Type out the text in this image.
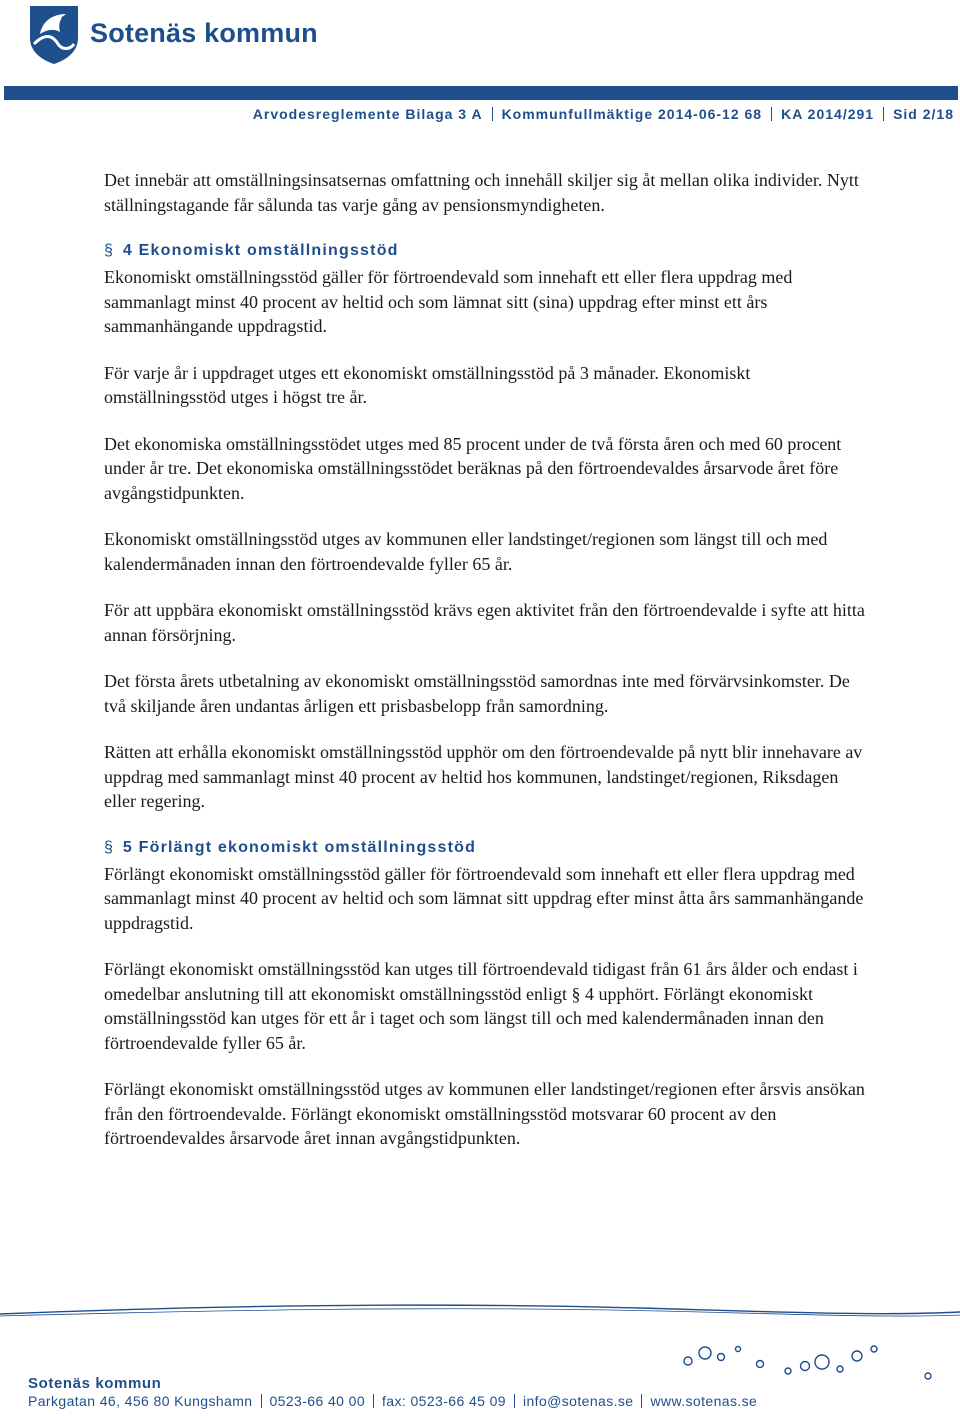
Sotenäs kommun
Arvodesreglemente Bilaga 3 A Kommunfullmäktige 2014-06-12 68 KA 2014/291 Sid 2/18

Det innebär att omställningsinsatsernas omfattning och innehåll skiljer sig åt mellan olika individer. Nytt ställningstagande får sålunda tas varje gång av pensionsmyndigheten.

§ 4 Ekonomiskt omställningsstöd

Ekonomiskt omställningsstöd gäller för förtroendevald som innehaft ett eller flera uppdrag med sammanlagt minst 40 procent av heltid och som lämnat sitt (sina) uppdrag efter minst ett års sammanhängande uppdragstid.

För varje år i uppdraget utges ett ekonomiskt omställningsstöd på 3 månader. Ekonomiskt omställningsstöd utges i högst tre år.

Det ekonomiska omställningsstödet utges med 85 procent under de två första åren och med 60 procent under år tre. Det ekonomiska omställningsstödet beräknas på den förtroendevaldes årsarvode året före avgångstidpunkten.

Ekonomiskt omställningsstöd utges av kommunen eller landstinget/regionen som längst till och med kalendermånaden innan den förtroendevalde fyller 65 år.

För att uppbära ekonomiskt omställningsstöd krävs egen aktivitet från den förtroendevalde i syfte att hitta annan försörjning.

Det första årets utbetalning av ekonomiskt omställningsstöd samordnas inte med förvärvsinkomster. De två skiljande åren undantas årligen ett prisbasbelopp från samordning.

Rätten att erhålla ekonomiskt omställningsstöd upphör om den förtroendevalde på nytt blir innehavare av uppdrag med sammanlagt minst 40 procent av heltid hos kommunen, landstinget/regionen, Riksdagen eller regering.

§ 5 Förlängt ekonomiskt omställningsstöd

Förlängt ekonomiskt omställningsstöd gäller för förtroendevald som innehaft ett eller flera uppdrag med sammanlagt minst 40 procent av heltid och som lämnat sitt uppdrag efter minst åtta års sammanhängande uppdragstid.

Förlängt ekonomiskt omställningsstöd kan utges till förtroendevald tidigast från 61 års ålder och endast i omedelbar anslutning till att ekonomiskt omställningsstöd enligt § 4 upphört. Förlängt ekonomiskt omställningsstöd kan utges för ett år i taget och som längst till och med kalendermånaden innan den förtroendevalde fyller 65 år.

Förlängt ekonomiskt omställningsstöd utges av kommunen eller landstinget/regionen efter årsvis ansökan från den förtroendevalde. Förlängt ekonomiskt omställningsstöd motsvarar 60 procent av den förtroendevaldes årsarvode året innan avgångstidpunkten.

Sotenäs kommun
Parkgatan 46, 456 80 Kungshamn 0523-66 40 00 fax: 0523-66 45 09 info@sotenas.se www.sotenas.se
